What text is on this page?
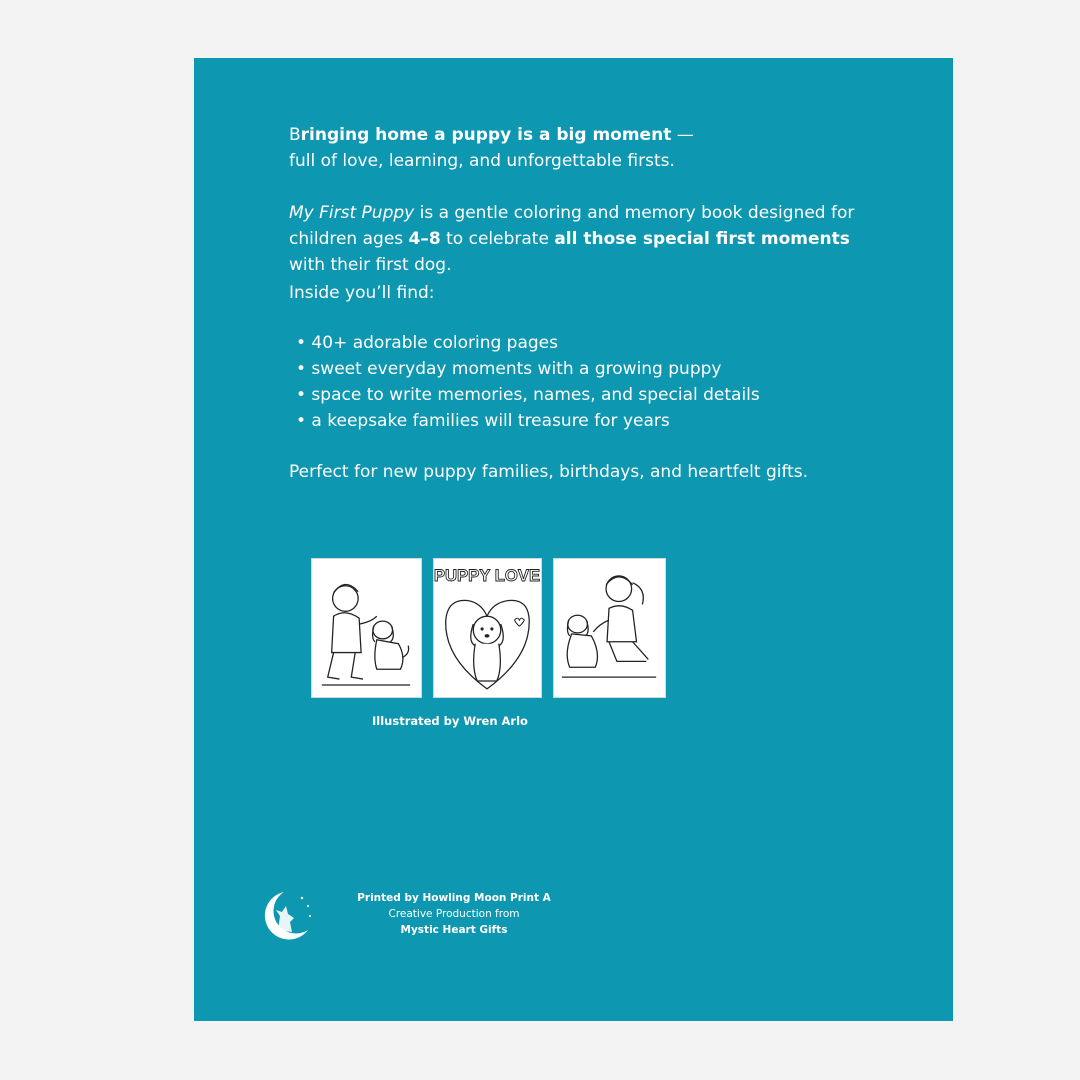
Bringing home a puppy is a big moment —
full of love, learning, and unforgettable firsts.

My First Puppy is a gentle coloring and memory book designed for children ages 4–8 to celebrate all those special first moments with their first dog.

Inside you’ll find:

• 40+ adorable coloring pages
• sweet everyday moments with a growing puppy
• space to write memories, names, and special details
• a keepsake families will treasure for years

Perfect for new puppy families, birthdays, and heartfelt gifts.

PUPPY LOVE
Illustrated by Wren Arlo
Printed by Howling Moon Print A
Creative Production from
Mystic Heart Gifts
